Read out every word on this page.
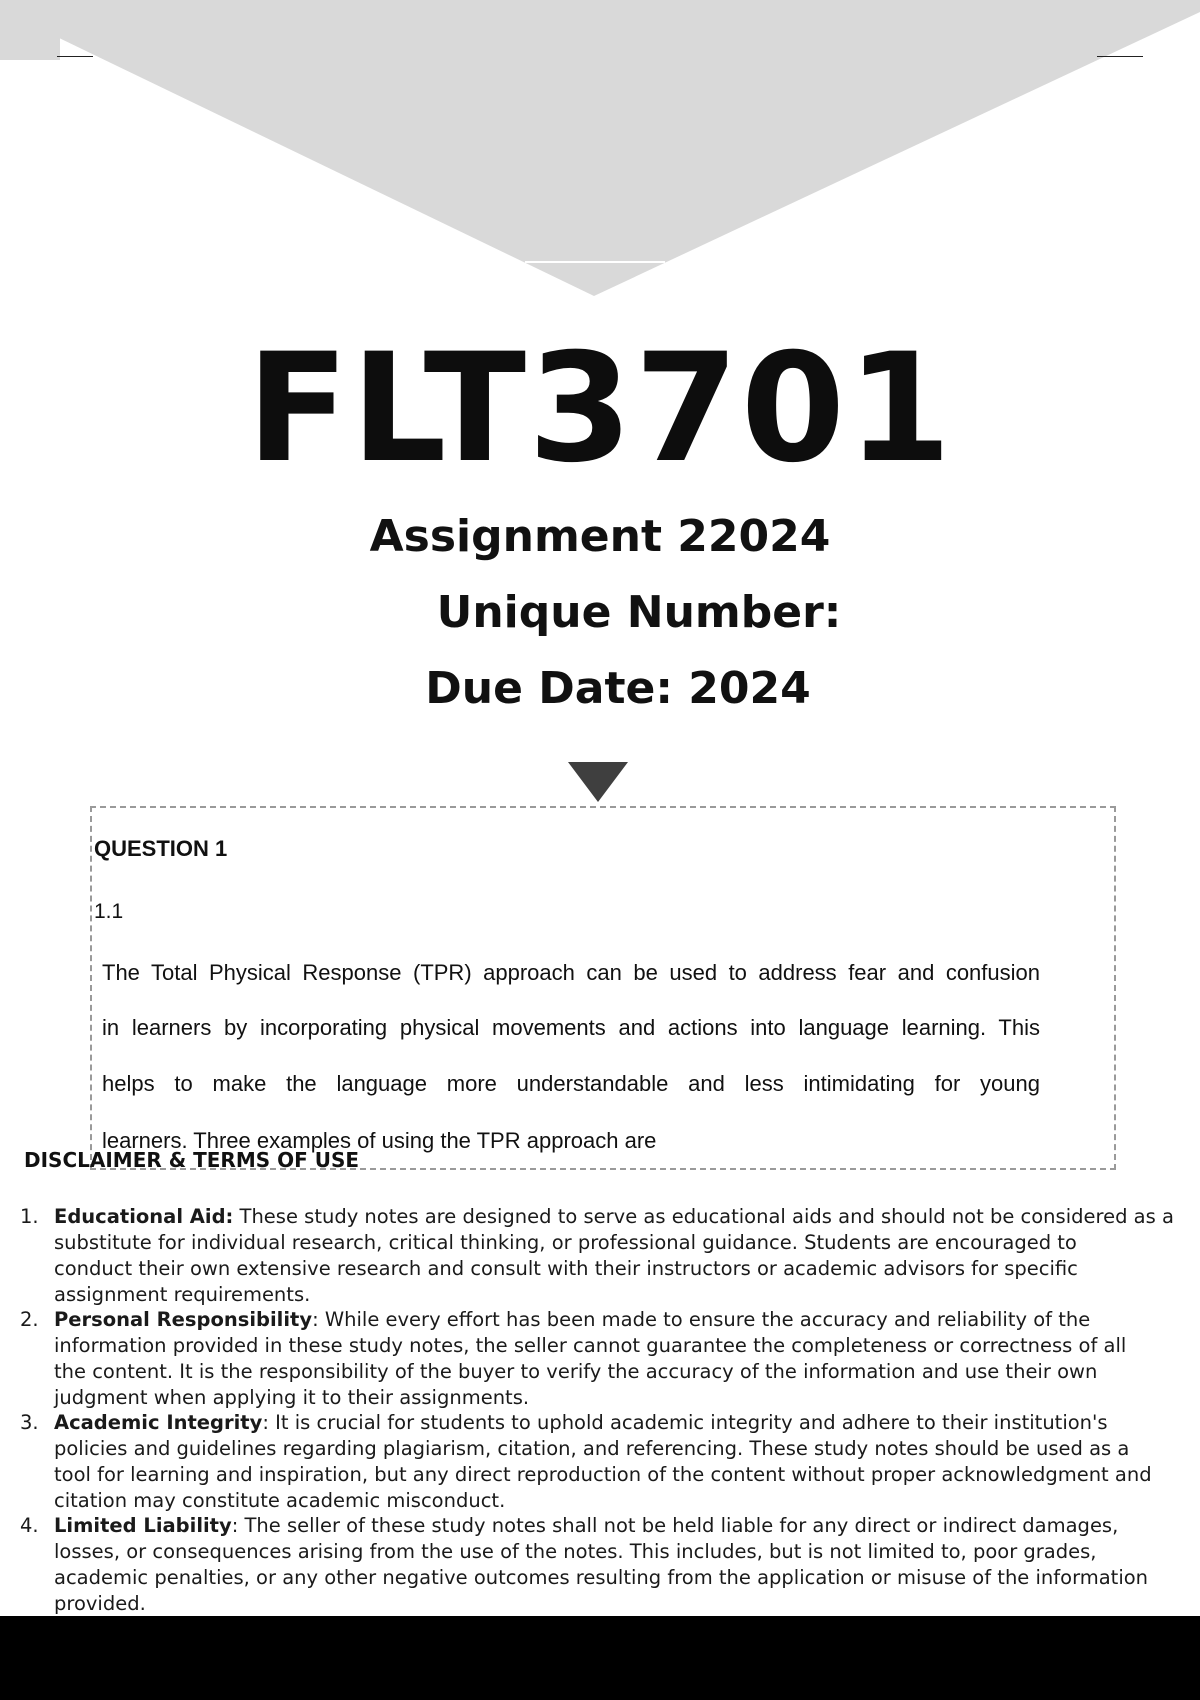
FLT3701
Assignment 22024
Unique Number:
Due Date: 2024
QUESTION 1
1.1
The Total Physical Response (TPR) approach can be used to address fear and confusion
in learners by incorporating physical movements and actions into language learning. This
helps to make the language more understandable and less intimidating for young
learners. Three examples of using the TPR approach are
DISCLAIMER & TERMS OF USE
1. Educational Aid: These study notes are designed to serve as educational aids and should not be considered as a
substitute for individual research, critical thinking, or professional guidance. Students are encouraged to
conduct their own extensive research and consult with their instructors or academic advisors for specific
assignment requirements.
2. Personal Responsibility: While every effort has been made to ensure the accuracy and reliability of the
information provided in these study notes, the seller cannot guarantee the completeness or correctness of all
the content. It is the responsibility of the buyer to verify the accuracy of the information and use their own
judgment when applying it to their assignments.
3. Academic Integrity: It is crucial for students to uphold academic integrity and adhere to their institution's
policies and guidelines regarding plagiarism, citation, and referencing. These study notes should be used as a
tool for learning and inspiration, but any direct reproduction of the content without proper acknowledgment and
citation may constitute academic misconduct.
4. Limited Liability: The seller of these study notes shall not be held liable for any direct or indirect damages,
losses, or consequences arising from the use of the notes. This includes, but is not limited to, poor grades,
academic penalties, or any other negative outcomes resulting from the application or misuse of the information
provided.
